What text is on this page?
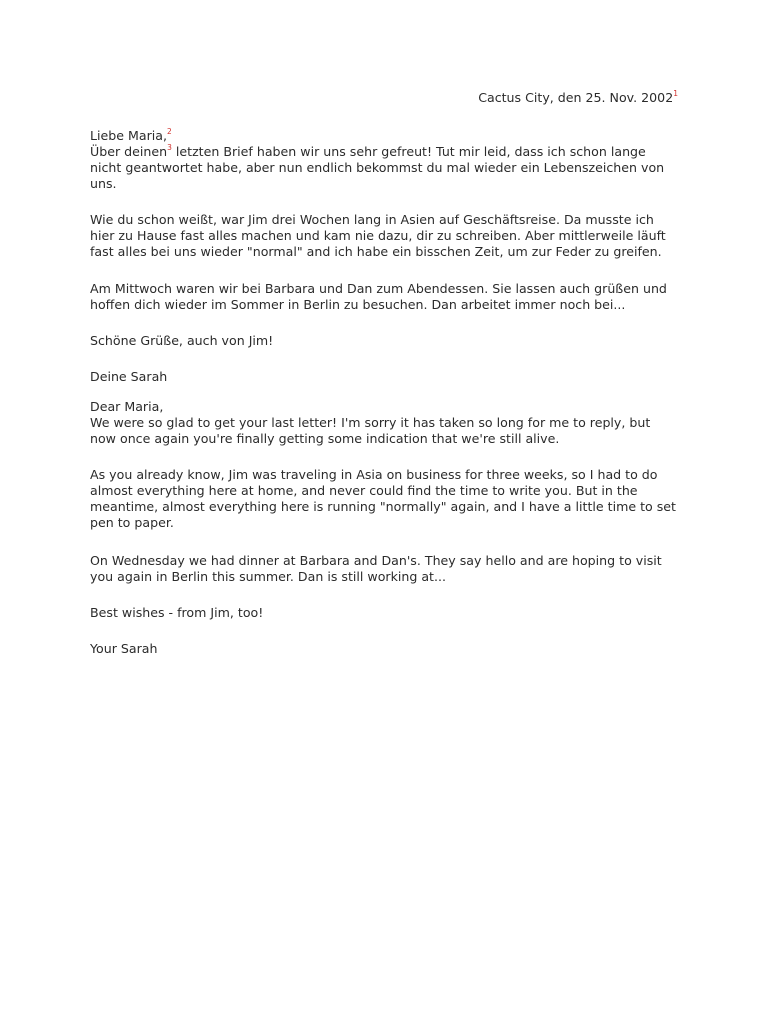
Cactus City, den 25. Nov. 2002$^1$

Liebe Maria,$^2$

Über deinen$^3$ letzten Brief haben wir uns sehr gefreut! Tut mir leid, dass ich schon lange nicht geantwortet habe, aber nun endlich bekommst du mal wieder ein Lebenszeichen von uns.

Wie du schon weißt, war Jim drei Wochen lang in Asien auf Geschäftsreise. Da musste ich hier zu Hause fast alles machen und kam nie dazu, dir zu schreiben. Aber mittlerweile läuft fast alles bei uns wieder "normal" and ich habe ein bisschen Zeit, um zur Feder zu greifen.

Am Mittwoch waren wir bei Barbara und Dan zum Abendessen. Sie lassen auch grüßen und hoffen dich wieder im Sommer in Berlin zu besuchen. Dan arbeitet immer noch bei...

Schöne Grüße, auch von Jim!

Deine Sarah

Dear Maria,

We were so glad to get your last letter! I'm sorry it has taken so long for me to reply, but now once again you're finally getting some indication that we're still alive.

As you already know, Jim was traveling in Asia on business for three weeks, so I had to do almost everything here at home, and never could find the time to write you. But in the meantime, almost everything here is running "normally" again, and I have a little time to set pen to paper.

On Wednesday we had dinner at Barbara and Dan's. They say hello and are hoping to visit you again in Berlin this summer. Dan is still working at...

Best wishes - from Jim, too!

Your Sarah
